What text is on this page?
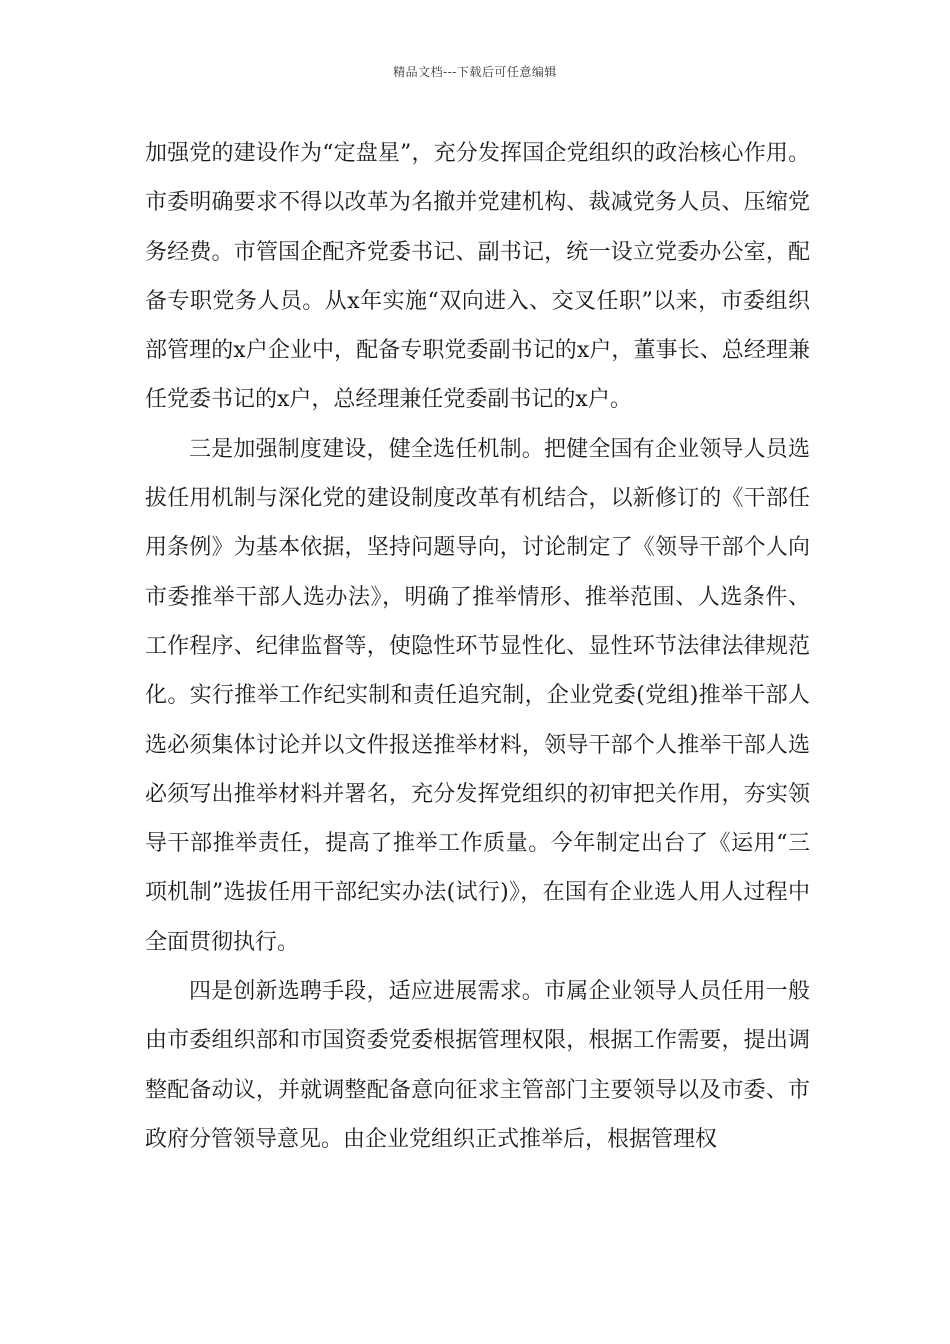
精品文档---下载后可任意编辑

加强党的建设作为“定盘星”，充分发挥国企党组织的政治核心作用。市委明确要求不得以改革为名撤并党建机构、裁减党务人员、压缩党务经费。市管国企配齐党委书记、副书记，统一设立党委办公室，配备专职党务人员。从x年实施“双向进入、交叉任职”以来，市委组织部管理的x户企业中，配备专职党委副书记的x户，董事长、总经理兼任党委书记的x户，总经理兼任党委副书记的x户。

三是加强制度建设，健全选任机制。把健全国有企业领导人员选拔任用机制与深化党的建设制度改革有机结合，以新修订的《干部任用条例》为基本依据，坚持问题导向，讨论制定了《领导干部个人向市委推举干部人选办法》，明确了推举情形、推举范围、人选条件、工作程序、纪律监督等，使隐性环节显性化、显性环节法律法律规范化。实行推举工作纪实制和责任追究制，企业党委(党组)推举干部人选必须集体讨论并以文件报送推举材料，领导干部个人推举干部人选必须写出推举材料并署名，充分发挥党组织的初审把关作用，夯实领导干部推举责任，提高了推举工作质量。今年制定出台了《运用“三项机制”选拔任用干部纪实办法(试行)》，在国有企业选人用人过程中全面贯彻执行。

四是创新选聘手段，适应进展需求。市属企业领导人员任用一般由市委组织部和市国资委党委根据管理权限，根据工作需要，提出调整配备动议，并就调整配备意向征求主管部门主要领导以及市委、市政府分管领导意见。由企业党组织正式推举后，根据管理权
